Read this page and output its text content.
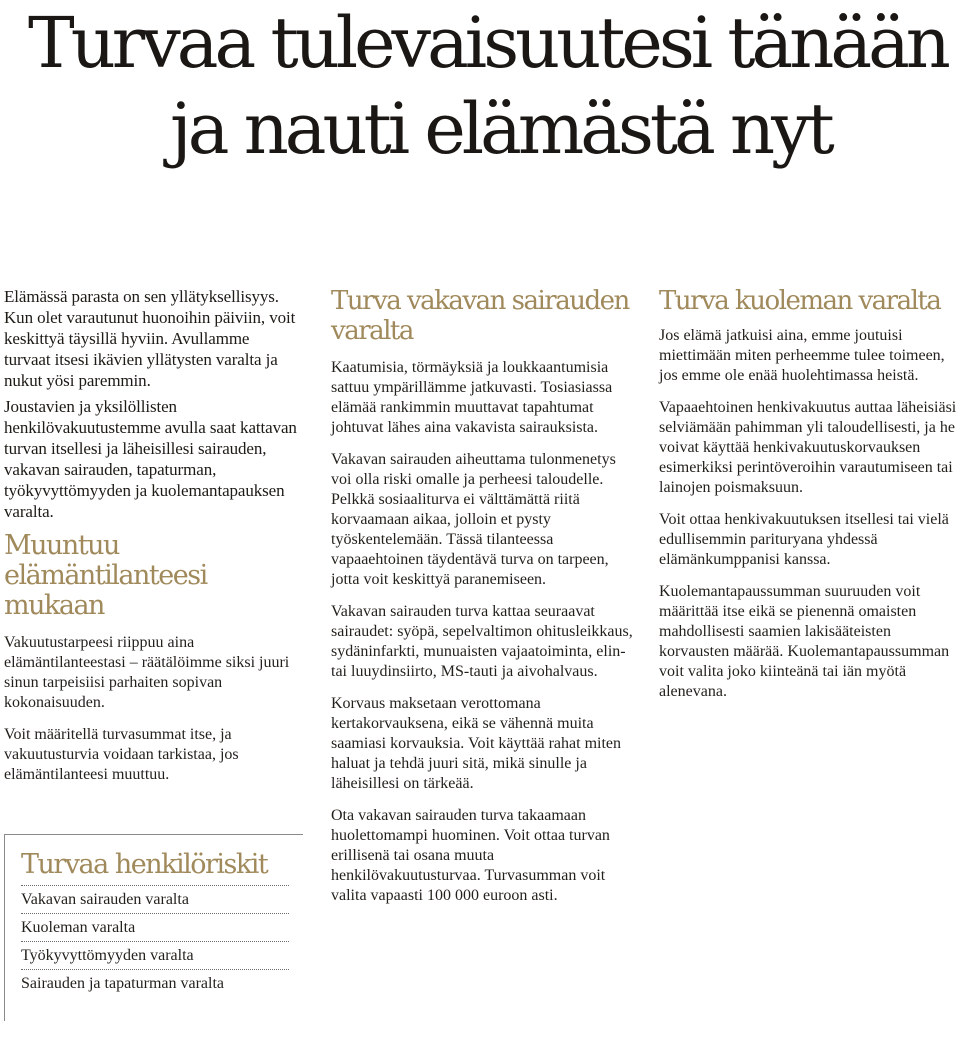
Turvaa tulevaisuutesi tänään
ja nauti elämästä nyt

Elämässä parasta on sen yllätyksellisyys. Kun olet varautunut huonoihin päiviin, voit keskittyä täysillä hyviin. Avullamme turvaat itsesi ikävien yllätysten varalta ja nukut yösi paremmin.

Joustavien ja yksilöllisten henkilövakuutustemme avulla saat kattavan turvan itsellesi ja läheisillesi sairauden, vakavan sairauden, tapaturman, työkyvyttömyyden ja kuolemantapauksen varalta.

Muuntuu elämäntilanteesi mukaan

Vakuutustarpeesi riippuu aina elämäntilanteestasi – räätälöimme siksi juuri sinun tarpeisiisi parhaiten sopivan kokonaisuuden.

Voit määritellä turvasummat itse, ja vakuutusturvia voidaan tarkistaa, jos elämäntilanteesi muuttuu.

Turvaa henkilöriskit
Vakavan sairauden varalta
Kuoleman varalta
Työkyvyttömyyden varalta
Sairauden ja tapaturman varalta
Turva vakavan sairauden varalta

Kaatumisia, törmäyksiä ja loukkaantumisia sattuu ympärillämme jatkuvasti. Tosiasiassa elämää rankimmin muuttavat tapahtumat johtuvat lähes aina vakavista sairauksista.

Vakavan sairauden aiheuttama tulonmenetys voi olla riski omalle ja perheesi taloudelle. Pelkkä sosiaaliturva ei välttämättä riitä korvaamaan aikaa, jolloin et pysty työskentelemään. Tässä tilanteessa vapaaehtoinen täydentävä turva on tarpeen, jotta voit keskittyä paranemiseen.

Vakavan sairauden turva kattaa seuraavat sairaudet: syöpä, sepelvaltimon ohitusleikkaus, sydäninfarkti, munuaisten vajaatoiminta, elin- tai luuydinsiirto, MS-tauti ja aivohalvaus.

Korvaus maksetaan verottomana kertakorvauksena, eikä se vähennä muita saamiasi korvauksia. Voit käyttää rahat miten haluat ja tehdä juuri sitä, mikä sinulle ja läheisillesi on tärkeää.

Ota vakavan sairauden turva takaamaan huolettomampi huominen. Voit ottaa turvan erillisenä tai osana muuta henkilövakuutusturvaa. Turvasumman voit valita vapaasti 100 000 euroon asti.

Turva kuoleman varalta

Jos elämä jatkuisi aina, emme joutuisi miettimään miten perheemme tulee toimeen, jos emme ole enää huolehtimassa heistä.

Vapaaehtoinen henkivakuutus auttaa läheisiäsi selviämään pahimman yli taloudellisesti, ja he voivat käyttää henkivakuutuskorvauksen esimerkiksi perintöveroihin varautumiseen tai lainojen poismaksuun.

Voit ottaa henkivakuutuksen itsellesi tai vielä edullisemmin parituryana yhdessä elämänkumppanisi kanssa.

Kuolemantapaussumman suuruuden voit määrittää itse eikä se pienennä omaisten mahdollisesti saamien lakisääteisten korvausten määrää. Kuolemantapaussumman voit valita joko kiinteänä tai iän myötä alenevana.
